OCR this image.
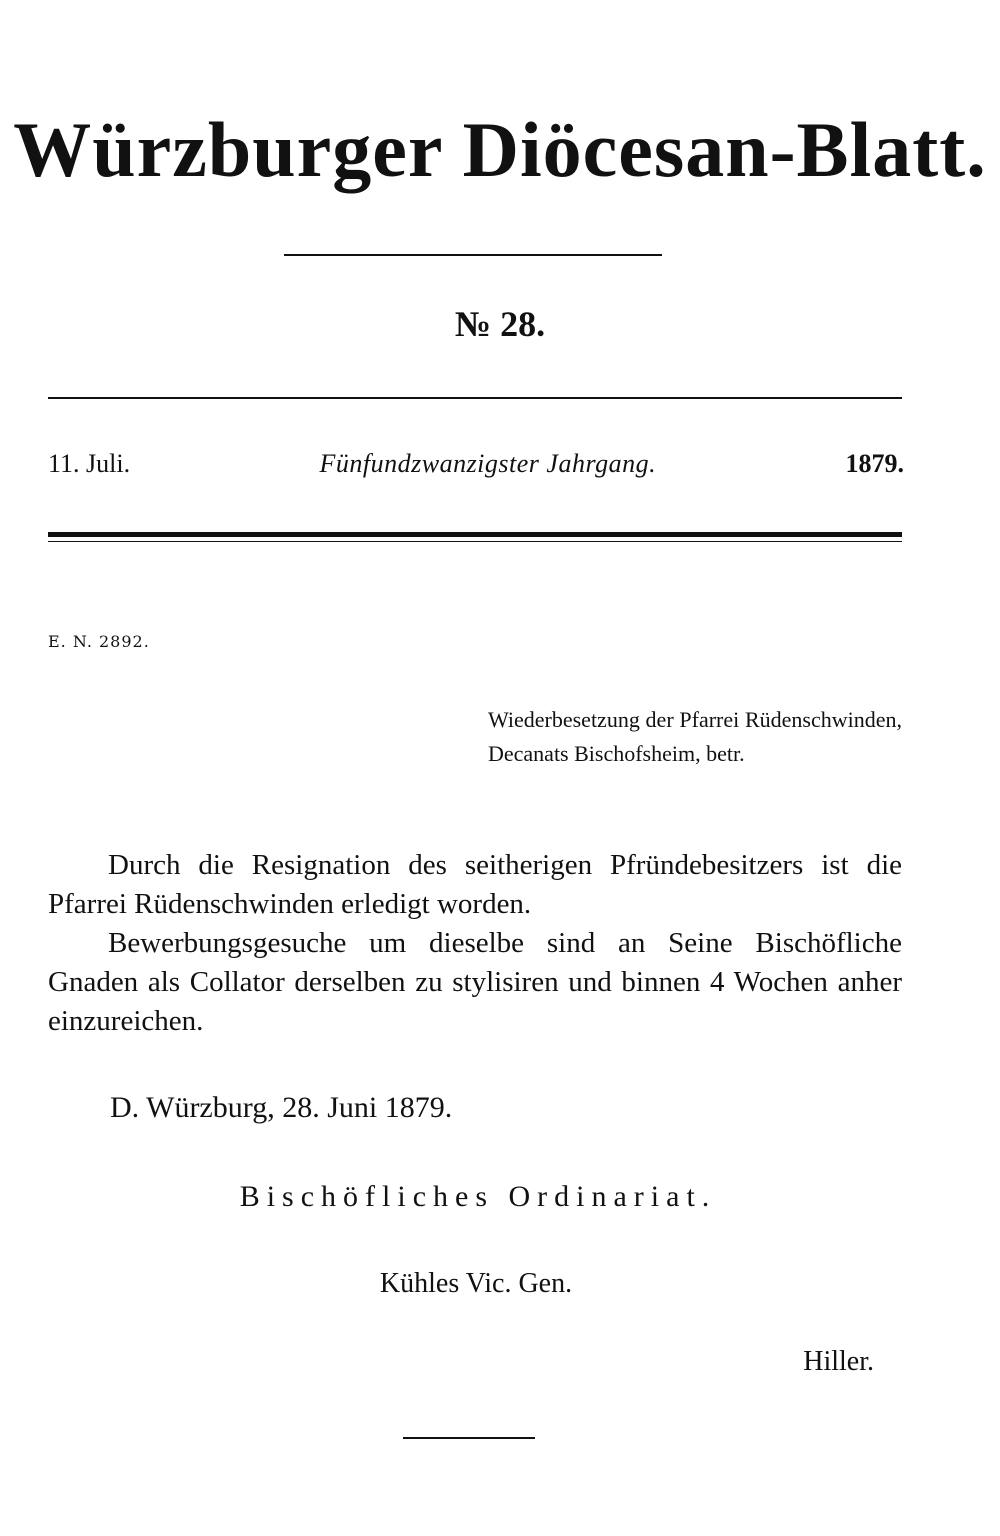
Würzburger Diöcesan-Blatt.
№ 28.
11. Juli.	Fünfundzwanzigster Jahrgang.	1879.
E. N. 2892.
Wiederbesetzung der Pfarrei Rüdenschwinden, Decanats Bischofsheim, betr.

Durch die Resignation des seitherigen Pfründebesitzers ist die Pfarrei Rüdenschwinden erledigt worden.

Bewerbungsgesuche um dieselbe sind an Seine Bischöfliche Gnaden als Collator derselben zu stylisiren und binnen 4 Wochen anher einzureichen.

D. Würzburg, 28. Juni 1879.
Bischöfliches Ordinariat.
Kühles Vic. Gen.
Hiller.
